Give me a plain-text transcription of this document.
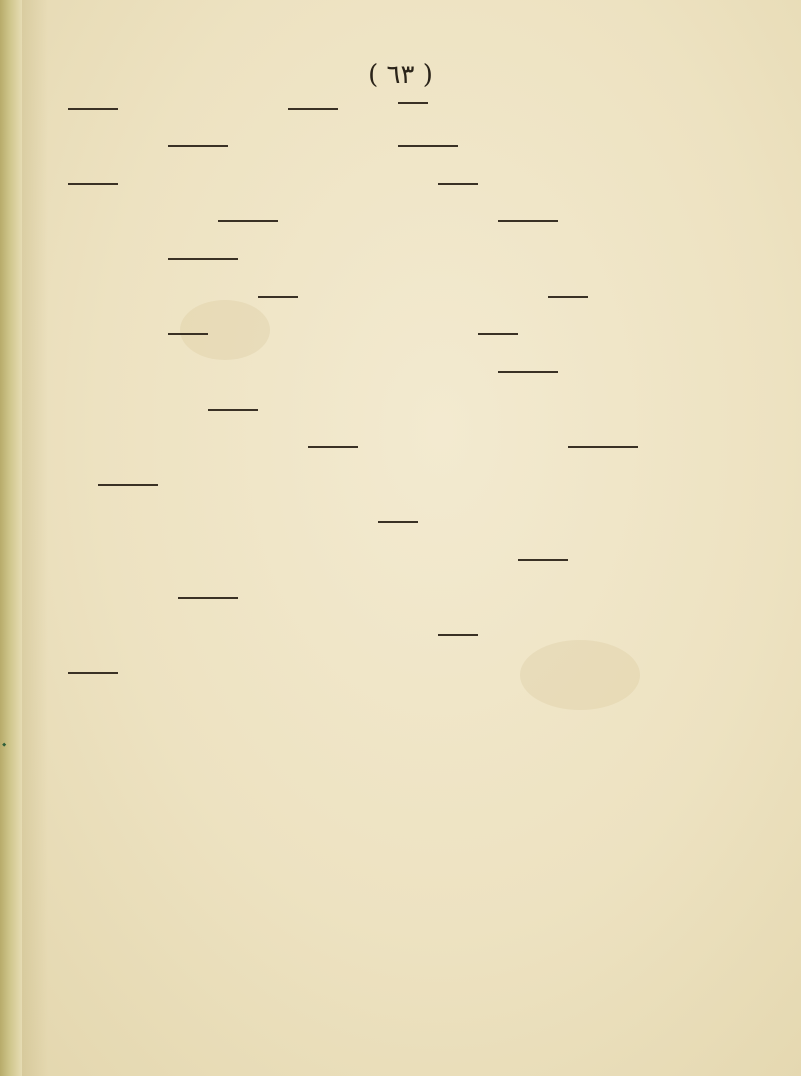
( ٦٣ )
⬩
